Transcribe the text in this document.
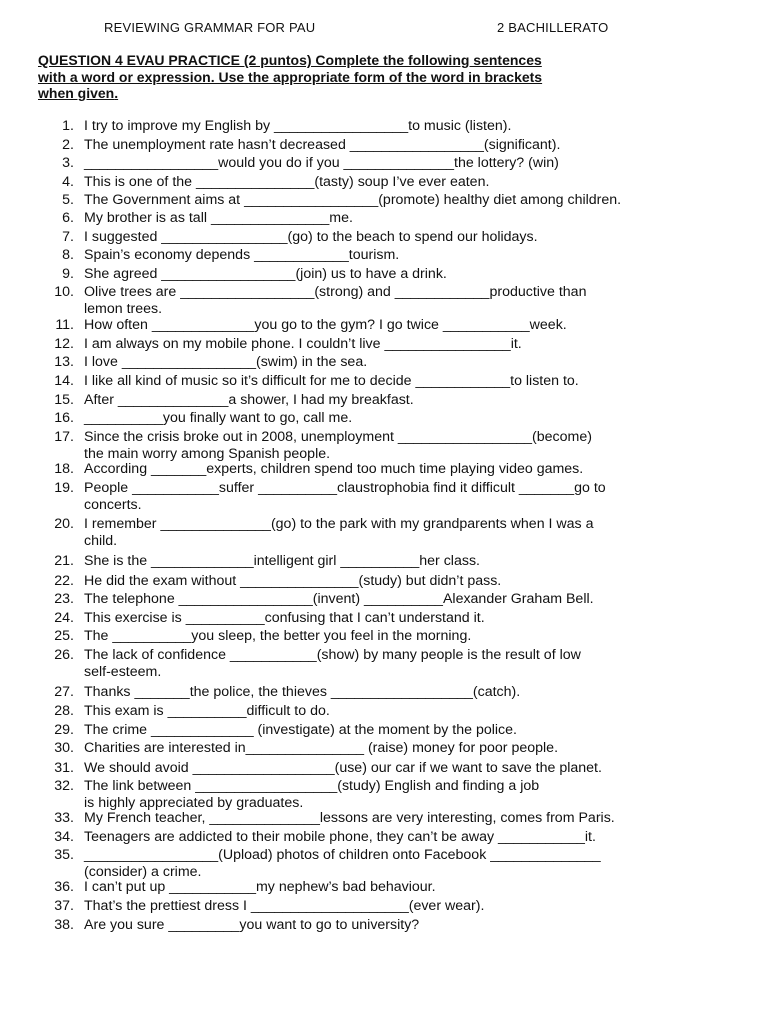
REVIEWING GRAMMAR FOR PAU	2 BACHILLERATO
QUESTION 4 EVAU PRACTICE (2 puntos) Complete the following sentences
with a word or expression. Use the appropriate form of the word in brackets
when given.
1. I try to improve my English by _________________to music (listen).
2. The unemployment rate hasn’t decreased _________________(significant).
3. _________________would you do if you ______________the lottery? (win)
4. This is one of the _______________(tasty) soup I’ve ever eaten.
5. The Government aims at _________________(promote) healthy diet among children.
6. My brother is as tall _______________me.
7. I suggested ________________(go) to the beach to spend our holidays.
8. Spain’s economy depends ____________tourism.
9. She agreed _________________(join) us to have a drink.
10. Olive trees are _________________(strong) and ____________productive than
lemon trees.
11. How often _____________you go to the gym? I go twice ___________week.
12. I am always on my mobile phone. I couldn’t live ________________it.
13. I love _________________(swim) in the sea.
14. I like all kind of music so it’s difficult for me to decide ____________to listen to.
15. After ______________a shower, I had my breakfast.
16. __________you finally want to go, call me.
17. Since the crisis broke out in 2008, unemployment _________________(become)
the main worry among Spanish people.
18. According _______experts, children spend too much time playing video games.
19. People ___________suffer __________claustrophobia find it difficult _______go to
concerts.
20. I remember ______________(go) to the park with my grandparents when I was a
child.
21. She is the _____________intelligent girl __________her class.
22. He did the exam without _______________(study) but didn’t pass.
23. The telephone _________________(invent) __________Alexander Graham Bell.
24. This exercise is __________confusing that I can’t understand it.
25. The __________you sleep, the better you feel in the morning.
26. The lack of confidence ___________(show) by many people is the result of low
self-esteem.
27. Thanks _______the police, the thieves __________________(catch).
28. This exam is __________difficult to do.
29. The crime _____________ (investigate) at the moment by the police.
30. Charities are interested in_______________ (raise) money for poor people.
31. We should avoid __________________(use) our car if we want to save the planet.
32. The link between __________________(study) English and finding a job
is highly appreciated by graduates.
33. My French teacher, ______________lessons are very interesting, comes from Paris.
34. Teenagers are addicted to their mobile phone, they can’t be away ___________it.
35. _________________(Upload) photos of children onto Facebook ______________
(consider) a crime.
36. I can’t put up ___________my nephew’s bad behaviour.
37. That’s the prettiest dress I ____________________(ever wear).
38. Are you sure _________you want to go to university?
